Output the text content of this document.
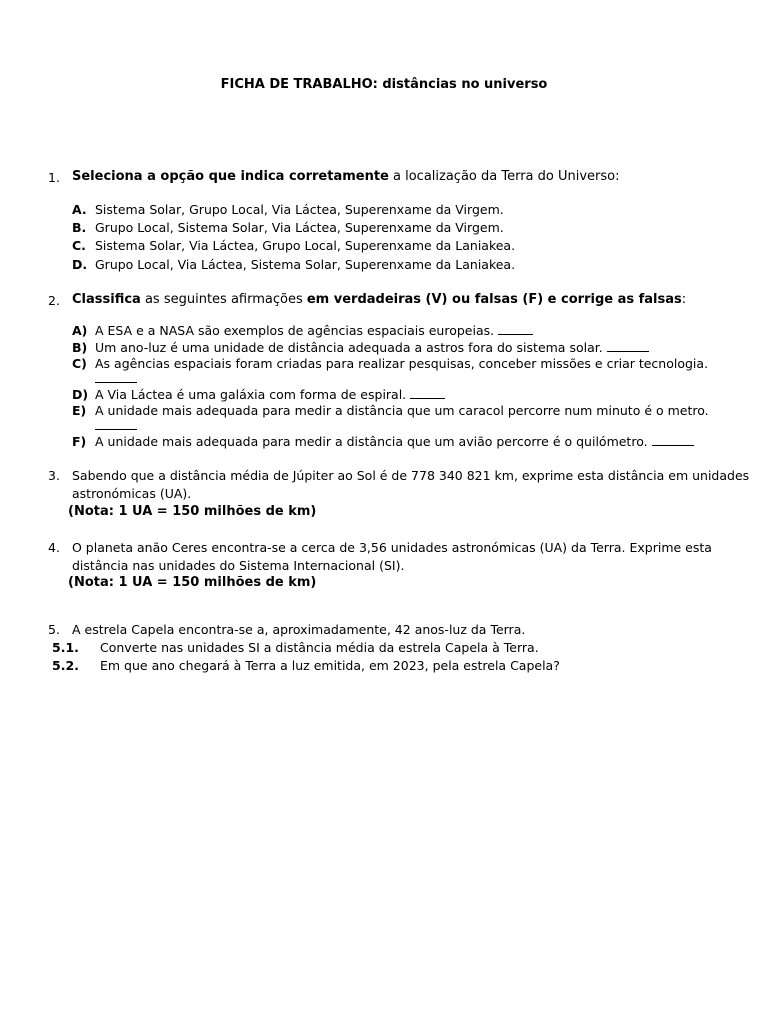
FICHA DE TRABALHO: distâncias no universo
1. Seleciona a opção que indica corretamente a localização da Terra do Universo:
A. Sistema Solar, Grupo Local, Via Láctea, Superenxame da Virgem.
B. Grupo Local, Sistema Solar, Via Láctea, Superenxame da Virgem.
C. Sistema Solar, Via Láctea, Grupo Local, Superenxame da Laniakea.
D. Grupo Local, Via Láctea, Sistema Solar, Superenxame da Laniakea.
2. Classifica as seguintes afirmações em verdadeiras (V) ou falsas (F) e corrige as falsas:
A) A ESA e a NASA são exemplos de agências espaciais europeias.
B) Um ano-luz é uma unidade de distância adequada a astros fora do sistema solar.
C) As agências espaciais foram criadas para realizar pesquisas, conceber missões e criar tecnologia.
D) A Via Láctea é uma galáxia com forma de espiral.
E) A unidade mais adequada para medir a distância que um caracol percorre num minuto é o metro.
F) A unidade mais adequada para medir a distância que um avião percorre é o quilómetro.
3. Sabendo que a distância média de Júpiter ao Sol é de 778 340 821 km, exprime esta distância em unidades
astronómicas (UA).
(Nota: 1 UA = 150 milhões de km)
4. O planeta anão Ceres encontra-se a cerca de 3,56 unidades astronómicas (UA) da Terra. Exprime esta
distância nas unidades do Sistema Internacional (SI).
(Nota: 1 UA = 150 milhões de km)
5. A estrela Capela encontra-se a, aproximadamente, 42 anos-luz da Terra.
5.1. Converte nas unidades SI a distância média da estrela Capela à Terra.
5.2. Em que ano chegará à Terra a luz emitida, em 2023, pela estrela Capela?
